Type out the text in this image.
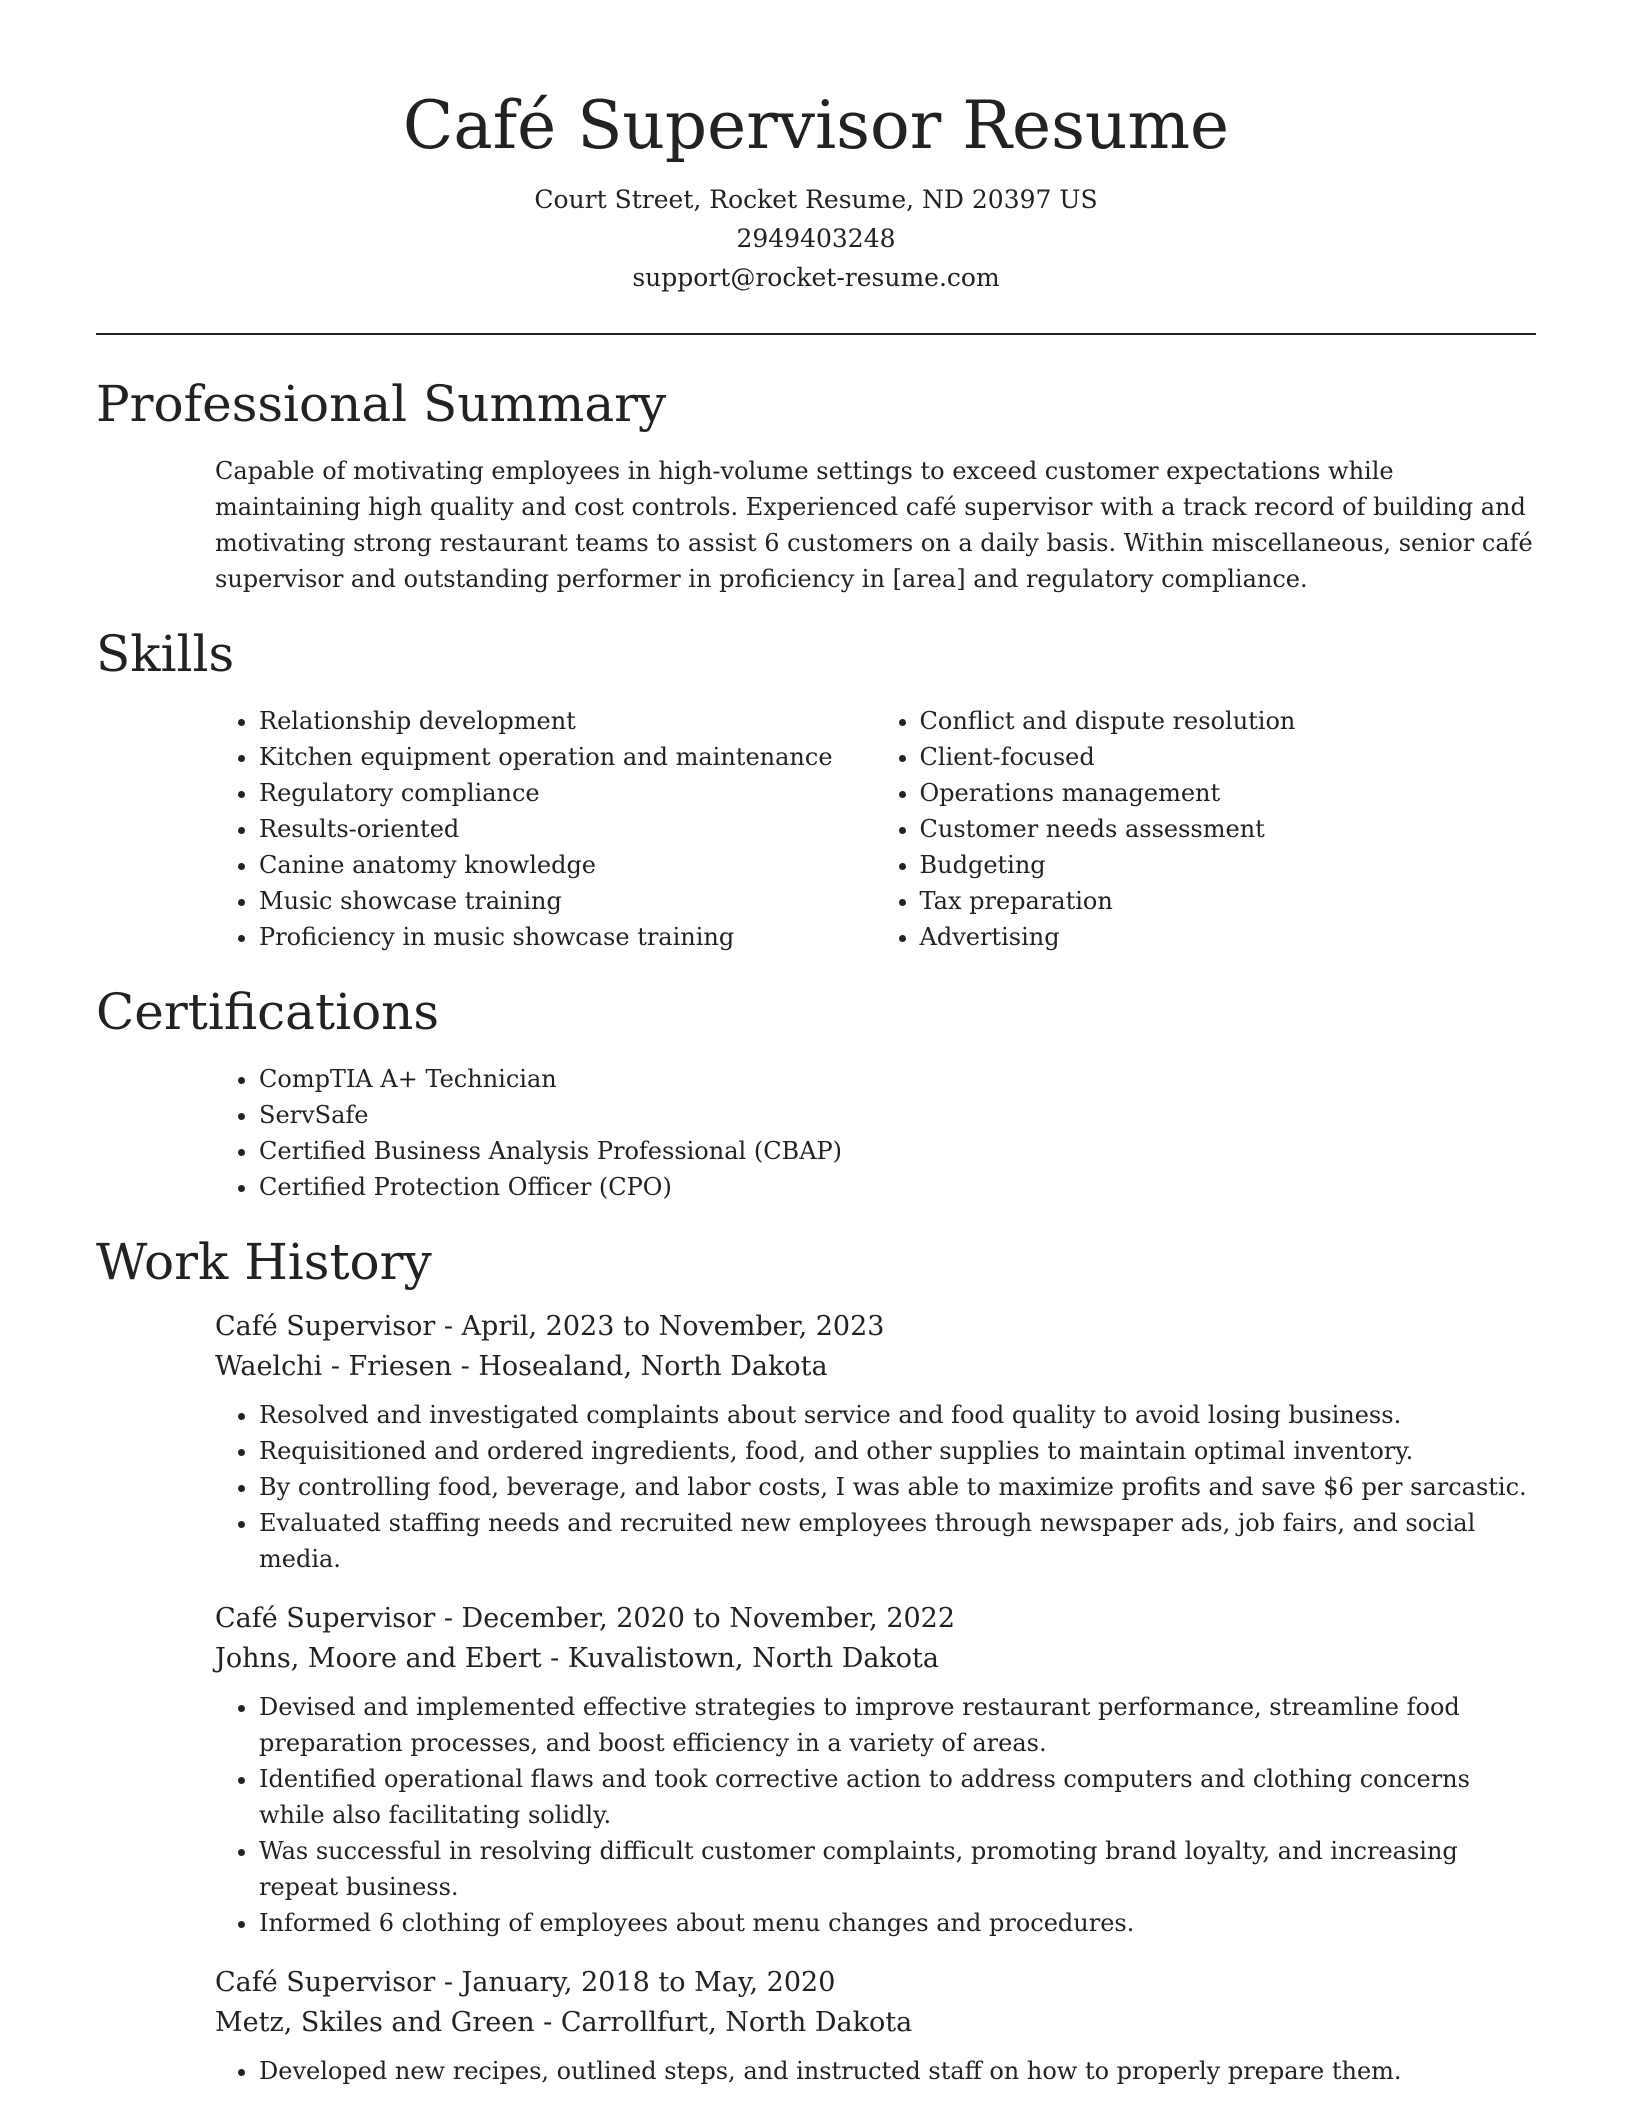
Café Supervisor Resume
Court Street, Rocket Resume, ND 20397 US
2949403248
support@rocket-resume.com
Professional Summary
Capable of motivating employees in high-volume settings to exceed customer expectations while maintaining high quality and cost controls. Experienced café supervisor with a track record of building and motivating strong restaurant teams to assist 6 customers on a daily basis. Within miscellaneous, senior café supervisor and outstanding performer in proficiency in [area] and regulatory compliance.
Skills
• Relationship development
• Kitchen equipment operation and maintenance
• Regulatory compliance
• Results-oriented
• Canine anatomy knowledge
• Music showcase training
• Proficiency in music showcase training
• Conflict and dispute resolution
• Client-focused
• Operations management
• Customer needs assessment
• Budgeting
• Tax preparation
• Advertising
Certifications
• CompTIA A+ Technician
• ServSafe
• Certified Business Analysis Professional (CBAP)
• Certified Protection Officer (CPO)
Work History
Café Supervisor - April, 2023 to November, 2023
Waelchi - Friesen - Hosealand, North Dakota
• Resolved and investigated complaints about service and food quality to avoid losing business.
• Requisitioned and ordered ingredients, food, and other supplies to maintain optimal inventory.
• By controlling food, beverage, and labor costs, I was able to maximize profits and save $6 per sarcastic.
• Evaluated staffing needs and recruited new employees through newspaper ads, job fairs, and social media.
Café Supervisor - December, 2020 to November, 2022
Johns, Moore and Ebert - Kuvalistown, North Dakota
• Devised and implemented effective strategies to improve restaurant performance, streamline food preparation processes, and boost efficiency in a variety of areas.
• Identified operational flaws and took corrective action to address computers and clothing concerns while also facilitating solidly.
• Was successful in resolving difficult customer complaints, promoting brand loyalty, and increasing repeat business.
• Informed 6 clothing of employees about menu changes and procedures.
Café Supervisor - January, 2018 to May, 2020
Metz, Skiles and Green - Carrollfurt, North Dakota
• Developed new recipes, outlined steps, and instructed staff on how to properly prepare them.
